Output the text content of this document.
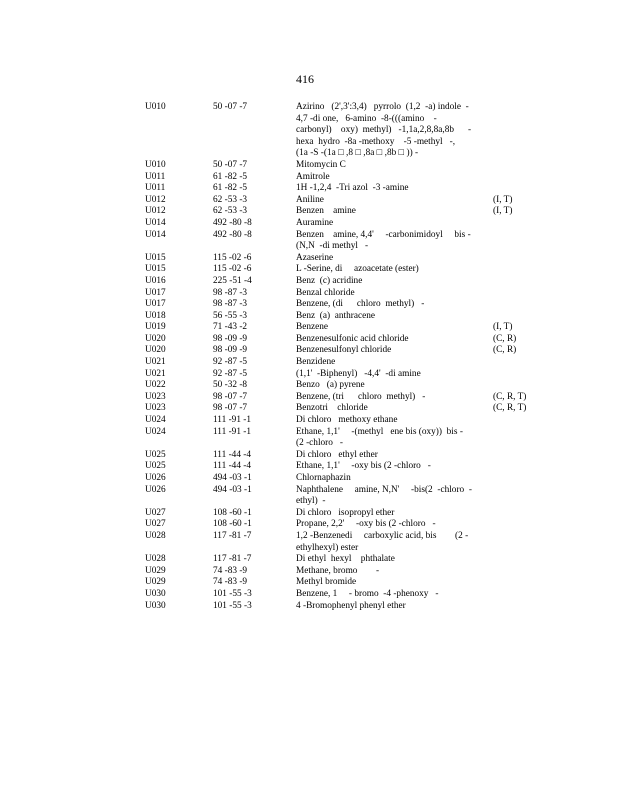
416
U010	50 -07 -7	Azirino   (2',3':3,4)   pyrrolo  (1,2  -a) indole  -
4,7 -di one,   6-amino  -8-(((amino    -
carbonyl)    oxy)  methyl)   -1,1a,2,8,8a,8b      -
hexa  hydro  -8a -methoxy    -5 -methyl   -,
(1a -S -(1a □ ,8 □ ,8a □ ,8b □ )) -
U010	50 -07 -7	Mitomycin C
U011	61 -82 -5	Amitrole
U011	61 -82 -5	1H -1,2,4  -Tri azol  -3 -amine
U012	62 -53 -3	Aniline	(I, T)
U012	62 -53 -3	Benzen    amine	(I, T)
U014	492 -80 -8	Auramine
U014	492 -80 -8	Benzen    amine, 4,4'     -carbonimidoyl     bis -
(N,N  -di methyl   -
U015	115 -02 -6	Azaserine
U015	115 -02 -6	L -Serine, di     azoacetate (ester)
U016	225 -51 -4	Benz  (c) acridine
U017	98 -87 -3	Benzal chloride
U017	98 -87 -3	Benzene, (di      chloro  methyl)   -
U018	56 -55 -3	Benz  (a)  anthracene
U019	71 -43 -2	Benzene	(I, T)
U020	98 -09 -9	Benzenesulfonic acid chloride	(C, R)
U020	98 -09 -9	Benzenesulfonyl chloride	(C, R)
U021	92 -87 -5	Benzidene
U021	92 -87 -5	(1,1'  -Biphenyl)   -4,4'  -di amine
U022	50 -32 -8	Benzo   (a) pyrene
U023	98 -07 -7	Benzene, (tri      chloro  methyl)   -	(C, R, T)
U023	98 -07 -7	Benzotri    chloride	(C, R, T)
U024	111 -91 -1	Di chloro   methoxy ethane
U024	111 -91 -1	Ethane, 1,1'     -(methyl   ene bis (oxy))  bis -
(2 -chloro   -
U025	111 -44 -4	Di chloro   ethyl ether
U025	111 -44 -4	Ethane, 1,1'     -oxy bis (2 -chloro   -
U026	494 -03 -1	Chlornaphazin
U026	494 -03 -1	Naphthalene     amine, N,N'     -bis(2  -chloro  -
ethyl)  -
U027	108 -60 -1	Di chloro   isopropyl ether
U027	108 -60 -1	Propane, 2,2'     -oxy bis (2 -chloro   -
U028	117 -81 -7	1,2 -Benzenedi     carboxylic acid, bis        (2 -
ethylhexyl) ester
U028	117 -81 -7	Di ethyl  hexyl    phthalate
U029	74 -83 -9	Methane, bromo        -
U029	74 -83 -9	Methyl bromide
U030	101 -55 -3	Benzene, 1     - bromo  -4 -phenoxy   -
U030	101 -55 -3	4 -Bromophenyl phenyl ether
